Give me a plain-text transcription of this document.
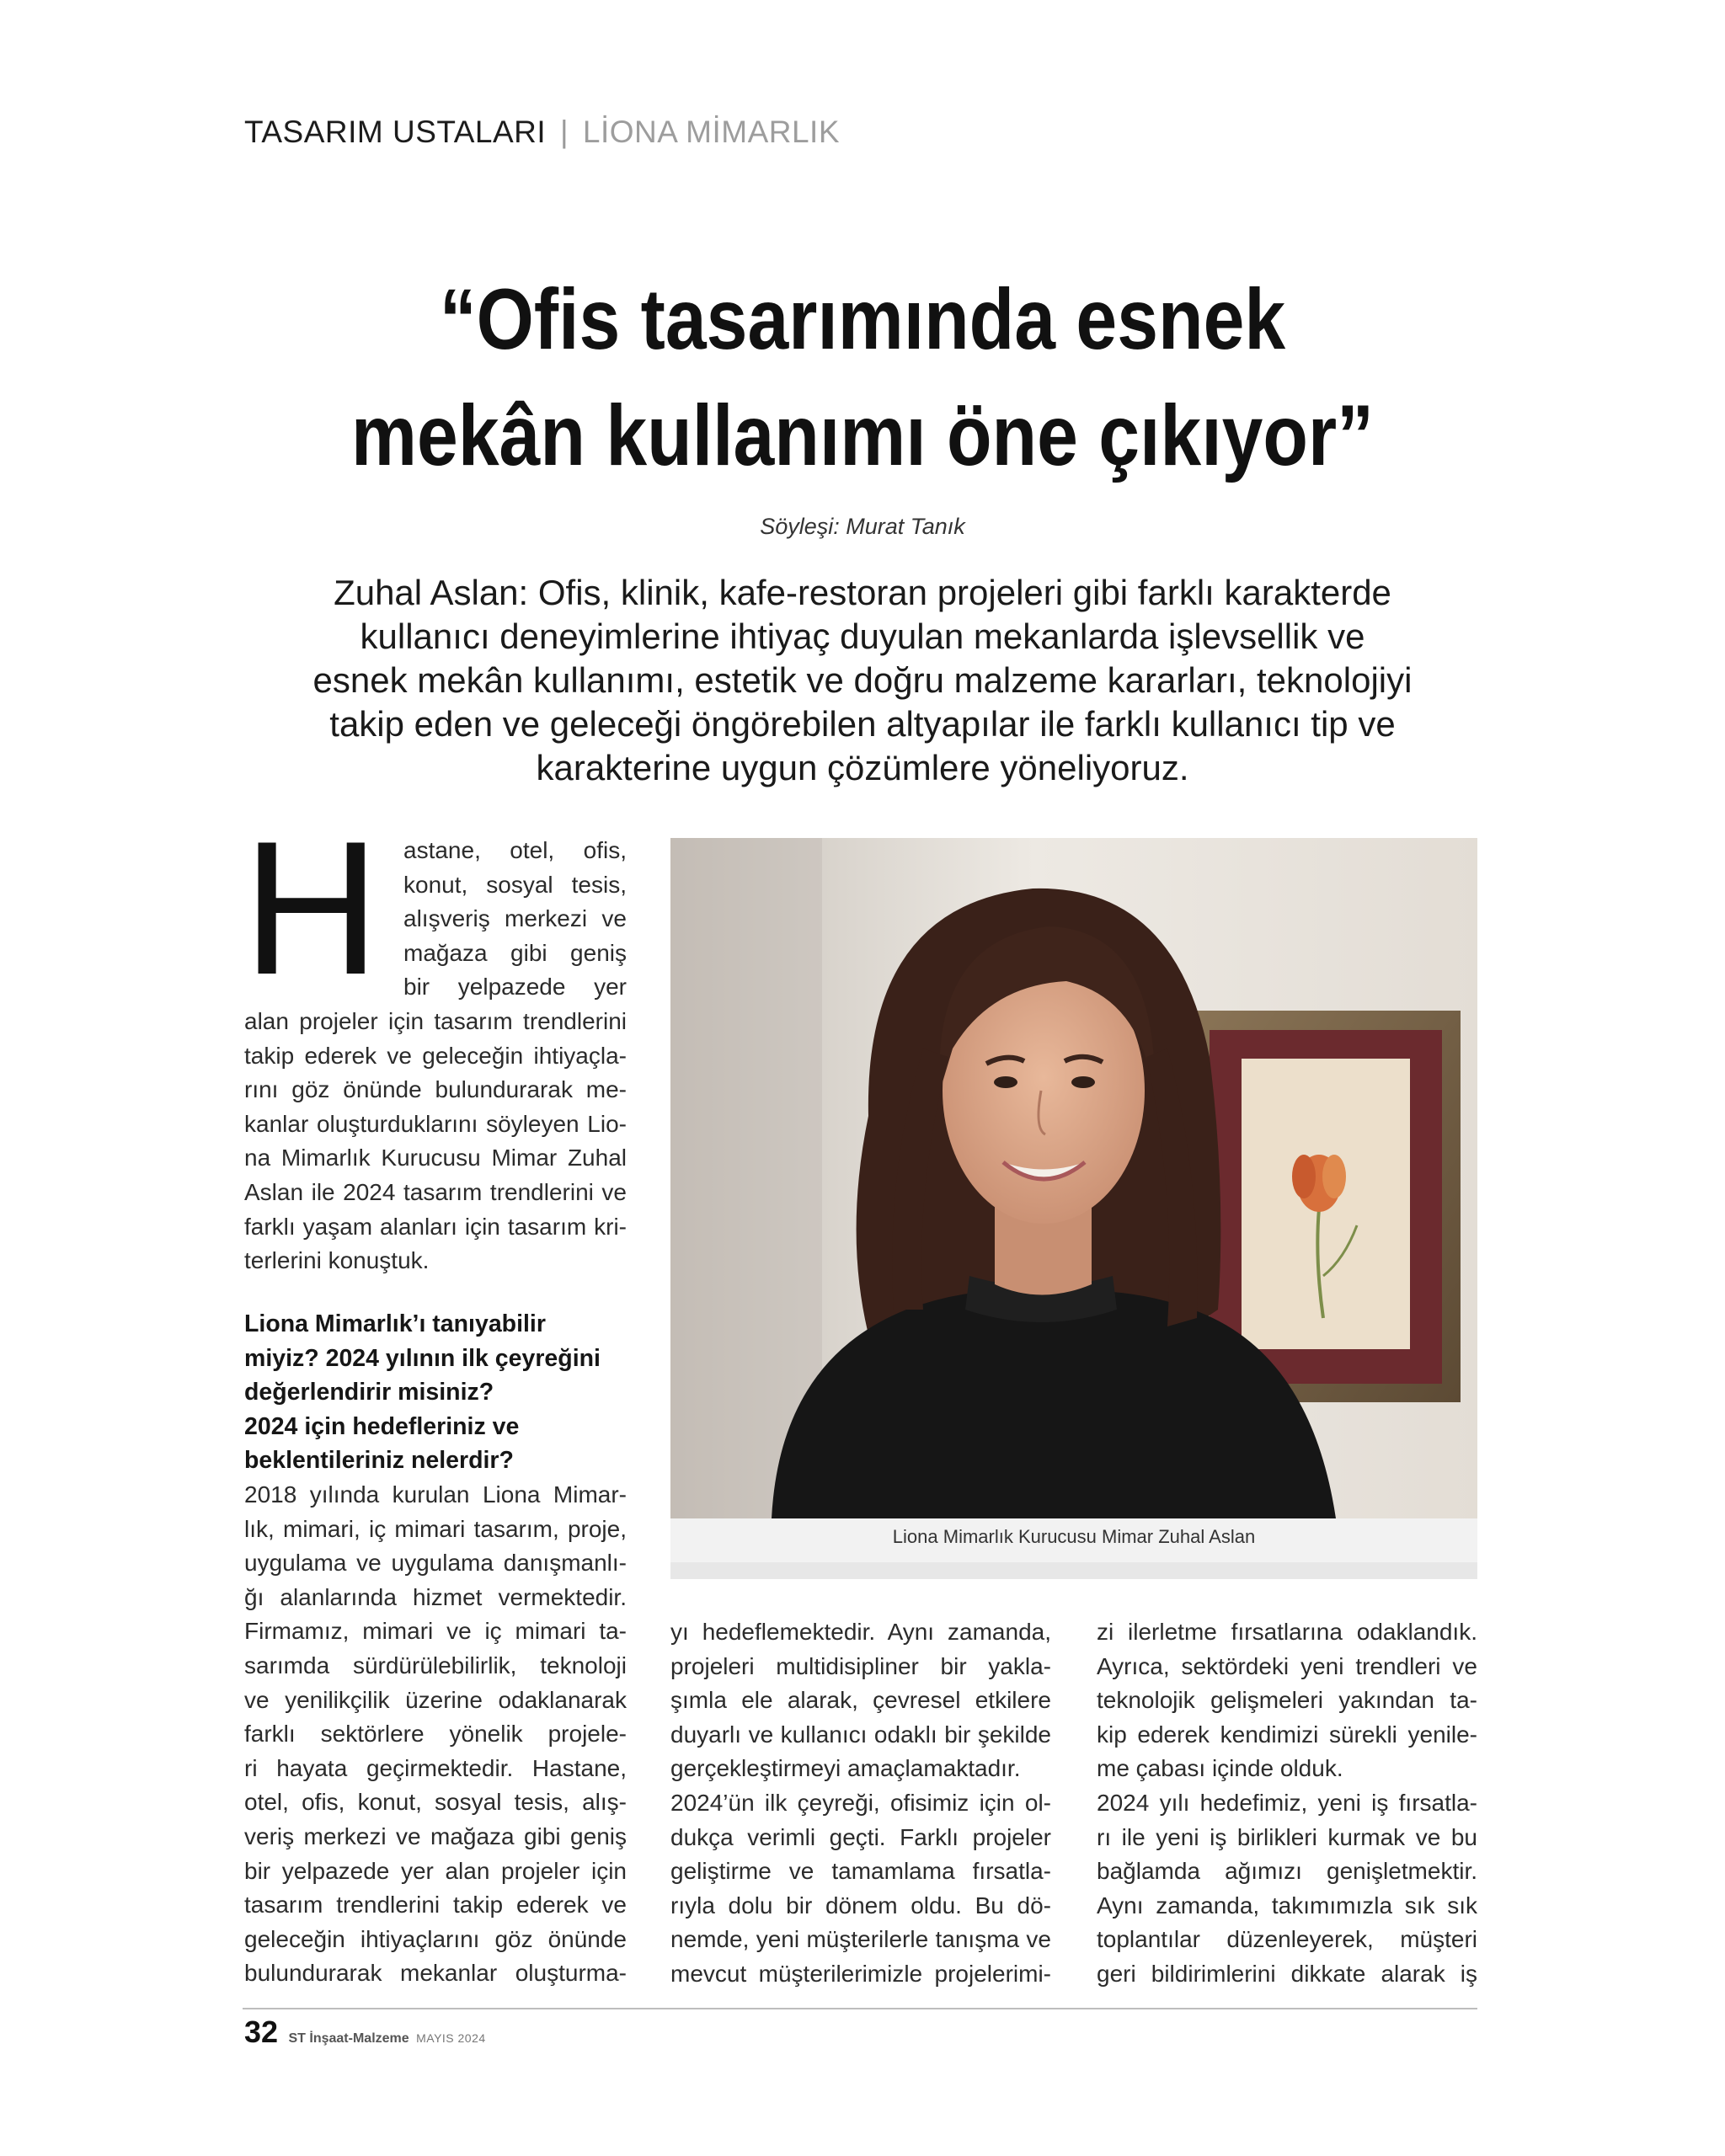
TASARIM USTALARI | LİONA MİMARLIK
“Ofis tasarımında esnek
mekân kullanımı öne çıkıyor”
Söyleşi: Murat Tanık
Zuhal Aslan: Ofis, klinik, kafe-restoran projeleri gibi farklı karakterde
kullanıcı deneyimlerine ihtiyaç duyulan mekanlarda işlevsellik ve
esnek mekân kullanımı, estetik ve doğru malzeme kararları, teknolojiyi
takip eden ve geleceği öngörebilen altyapılar ile farklı kullanıcı tip ve
karakterine uygun çözümlere yöneliyoruz.
H astane, otel, ofis,
konut, sosyal tesis,
alışveriş merkezi ve
mağaza gibi geniş
bir yelpazede yer
alan projeler için tasarım trendlerini
takip ederek ve geleceğin ihtiyaçla-
rını göz önünde bulundurarak me-
kanlar oluşturduklarını söyleyen Lio-
na Mimarlık Kurucusu Mimar Zuhal
Aslan ile 2024 tasarım trendlerini ve
farklı yaşam alanları için tasarım kri-
terlerini konuştuk.
Liona Mimarlık’ı tanıyabilir
miyiz? 2024 yılının ilk çeyreğini
değerlendirir misiniz?
2024 için hedefleriniz ve
beklentileriniz nelerdir?
2018 yılında kurulan Liona Mimar-
lık, mimari, iç mimari tasarım, proje,
uygulama ve uygulama danışmanlı-
ğı alanlarında hizmet vermektedir.
Firmamız, mimari ve iç mimari ta-
sarımda sürdürülebilirlik, teknoloji
ve yenilikçilik üzerine odaklanarak
farklı sektörlere yönelik projele-
ri hayata geçirmektedir. Hastane,
otel, ofis, konut, sosyal tesis, alış-
veriş merkezi ve mağaza gibi geniş
bir yelpazede yer alan projeler için
tasarım trendlerini takip ederek ve
geleceğin ihtiyaçlarını göz önünde
bulundurarak mekanlar oluşturma-
Liona Mimarlık Kurucusu Mimar Zuhal Aslan
yı hedeflemektedir. Aynı zamanda,
projeleri multidisipliner bir yakla-
şımla ele alarak, çevresel etkilere
duyarlı ve kullanıcı odaklı bir şekilde
gerçekleştirmeyi amaçlamaktadır.
2024’ün ilk çeyreği, ofisimiz için ol-
dukça verimli geçti. Farklı projeler
geliştirme ve tamamlama fırsatla-
rıyla dolu bir dönem oldu. Bu dö-
nemde, yeni müşterilerle tanışma ve
mevcut müşterilerimizle projelerimi-
zi ilerletme fırsatlarına odaklandık.
Ayrıca, sektördeki yeni trendleri ve
teknolojik gelişmeleri yakından ta-
kip ederek kendimizi sürekli yenile-
me çabası içinde olduk.
2024 yılı hedefimiz, yeni iş fırsatla-
rı ile yeni iş birlikleri kurmak ve bu
bağlamda ağımızı genişletmektir.
Aynı zamanda, takımımızla sık sık
toplantılar düzenleyerek, müşteri
geri bildirimlerini dikkate alarak iş
32 ST İnşaat-Malzeme MAYIS 2024
